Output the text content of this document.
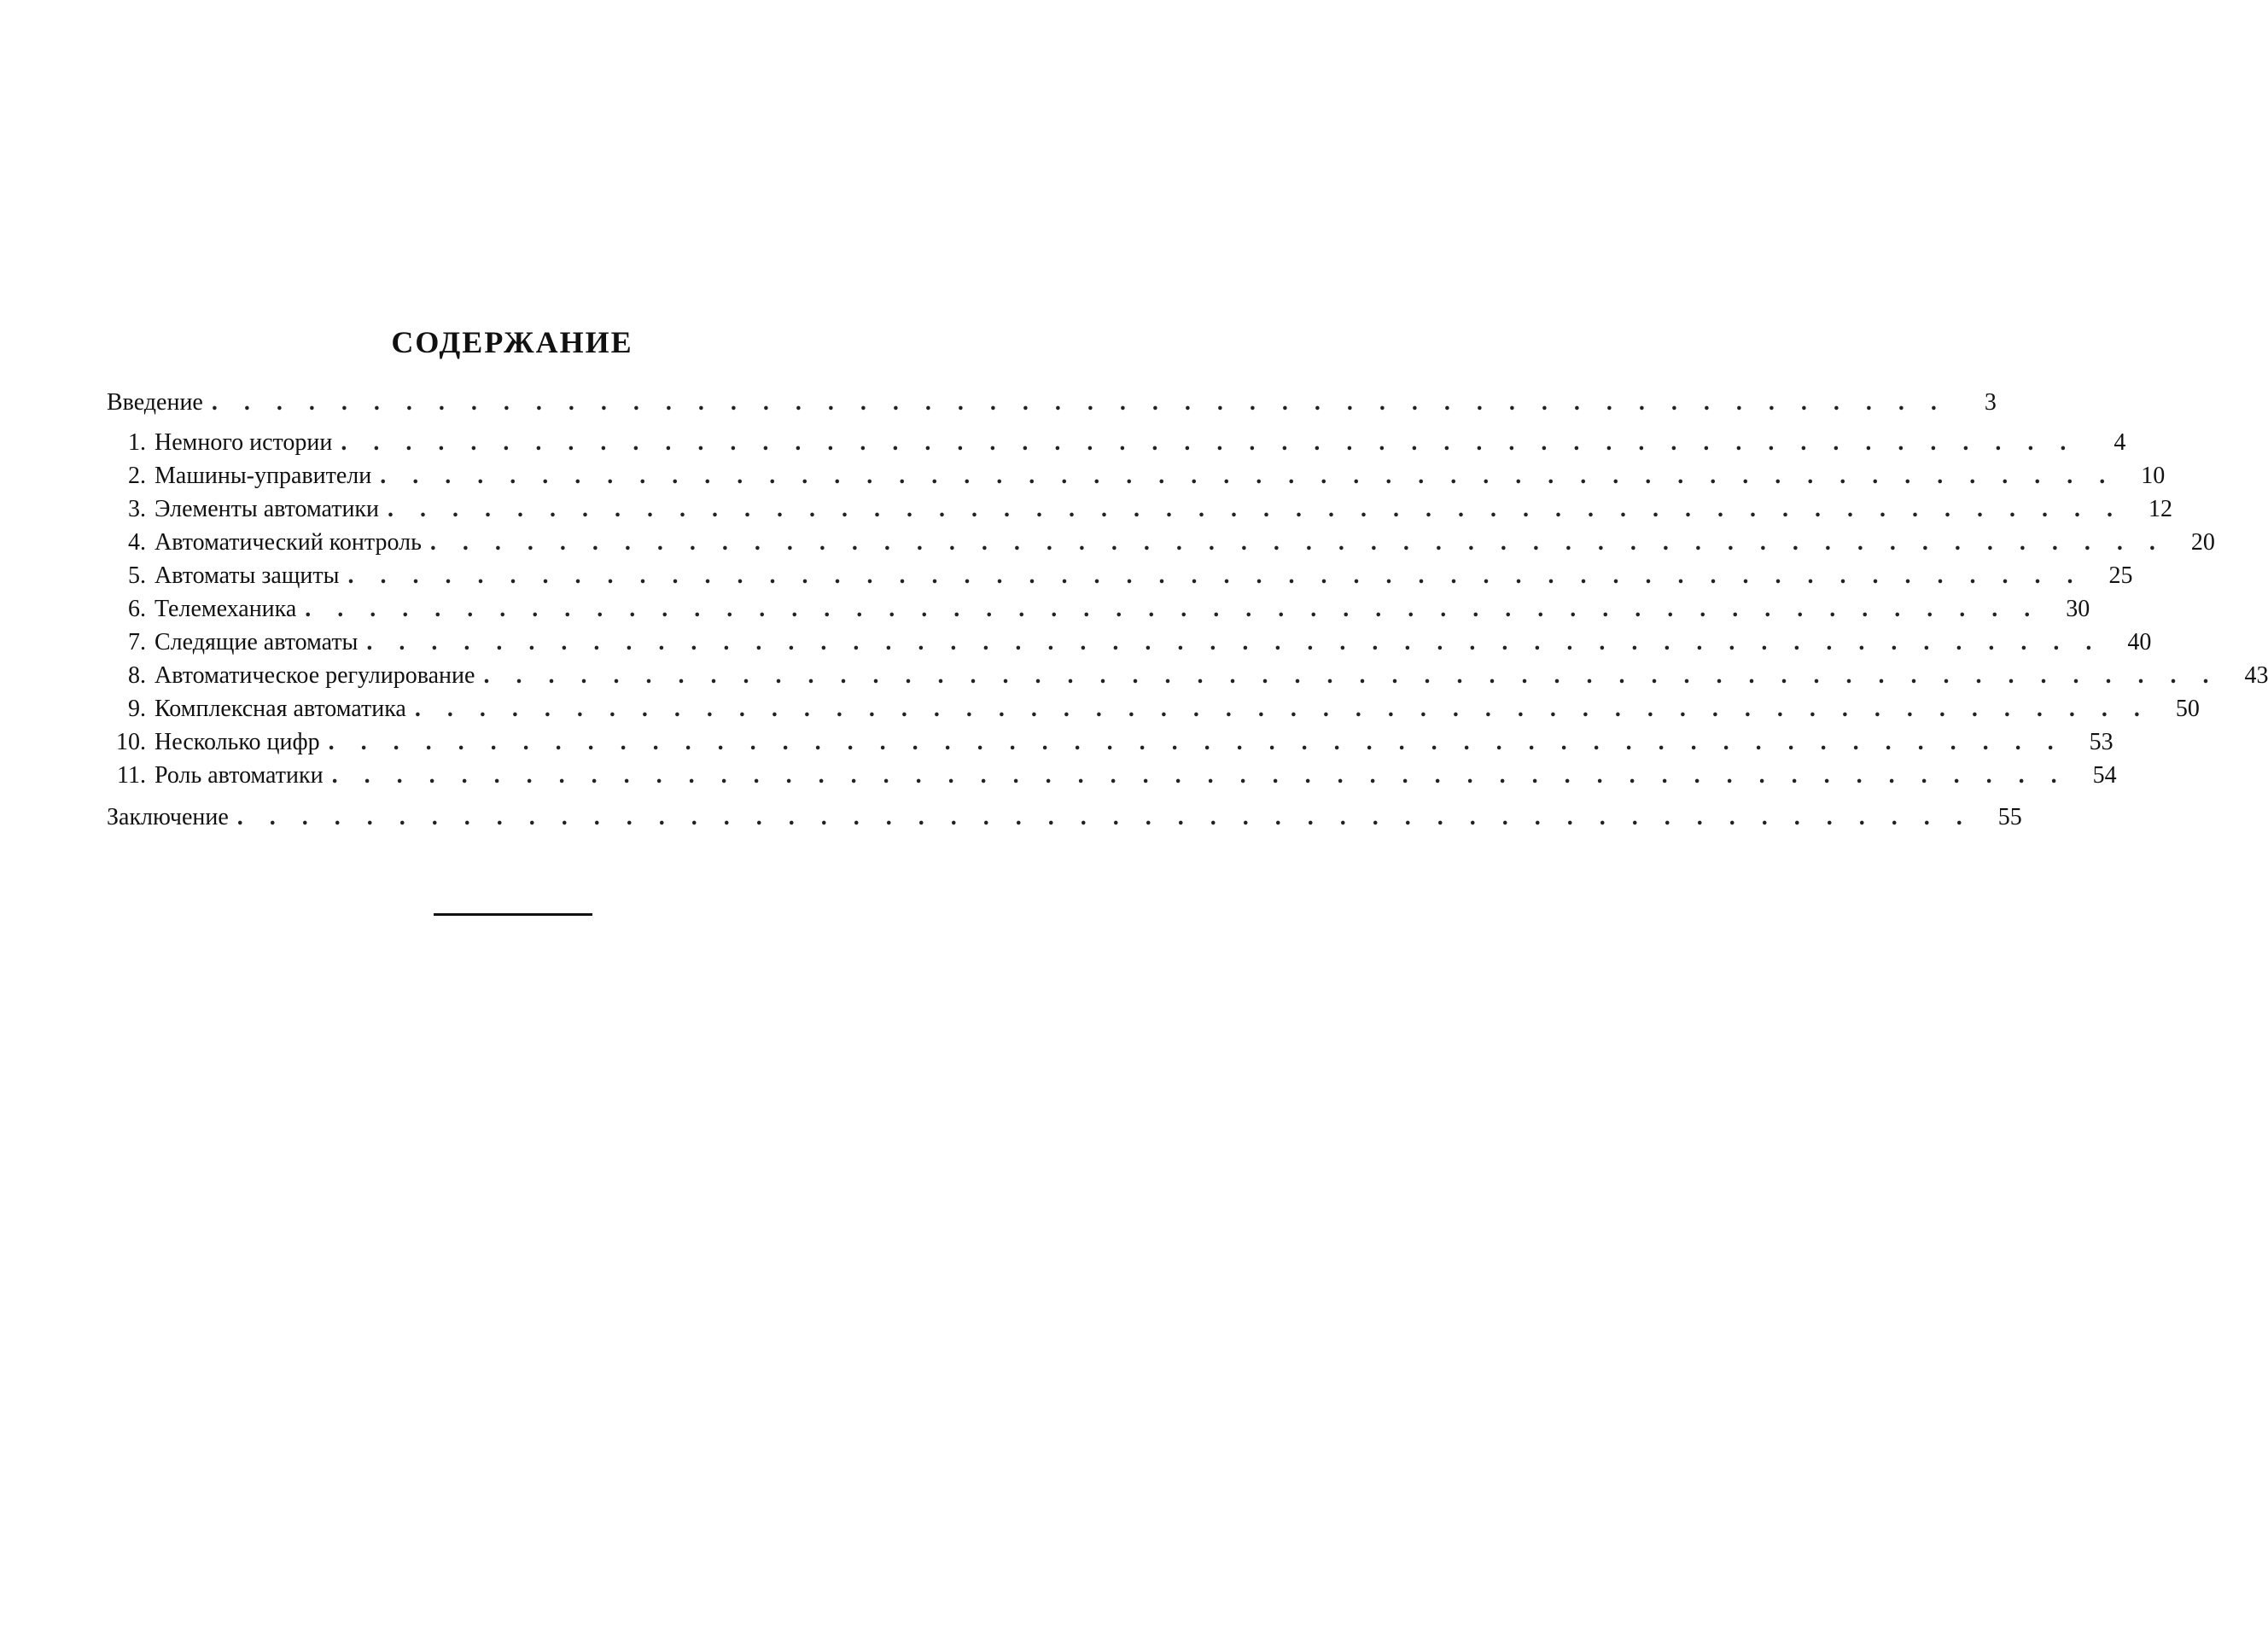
СОДЕРЖАНИЕ
Введение . . . . . . . . . . . . . . . . . . . . . . . . . . . . . . . . . . . . . . . . . . . . . . . . . . . . . .	3
1. Немного истории . . . . . . . . . . . . . . . . . . . . . . . . . . . . . . . . . . . . . . . . . . . . . . . . . . . . . .	4
2. Машины-управители . . . . . . . . . . . . . . . . . . . . . . . . . . . . . . . . . . . . . . . . . . . . . . . . . . . . . .	10
3. Элементы автоматики . . . . . . . . . . . . . . . . . . . . . . . . . . . . . . . . . . . . . . . . . . . . . . . . . . . . . .	12
4. Автоматический контроль . . . . . . . . . . . . . . . . . . . . . . . . . . . . . . . . . . . . . . . . . . . . . . . . . . . . . .	20
5. Автоматы защиты . . . . . . . . . . . . . . . . . . . . . . . . . . . . . . . . . . . . . . . . . . . . . . . . . . . . . .	25
6. Телемеханика . . . . . . . . . . . . . . . . . . . . . . . . . . . . . . . . . . . . . . . . . . . . . . . . . . . . . .	30
7. Следящие автоматы . . . . . . . . . . . . . . . . . . . . . . . . . . . . . . . . . . . . . . . . . . . . . . . . . . . . . .	40
8. Автоматическое регулирование . . . . . . . . . . . . . . . . . . . . . . . . . . . . . . . . . . . . . . . . . . . . . . . . . . . . . .	43
9. Комплексная автоматика . . . . . . . . . . . . . . . . . . . . . . . . . . . . . . . . . . . . . . . . . . . . . . . . . . . . . .	50
10. Несколько цифр . . . . . . . . . . . . . . . . . . . . . . . . . . . . . . . . . . . . . . . . . . . . . . . . . . . . . .	53
11. Роль автоматики . . . . . . . . . . . . . . . . . . . . . . . . . . . . . . . . . . . . . . . . . . . . . . . . . . . . . .	54
Заключение . . . . . . . . . . . . . . . . . . . . . . . . . . . . . . . . . . . . . . . . . . . . . . . . . . . . . .	55
